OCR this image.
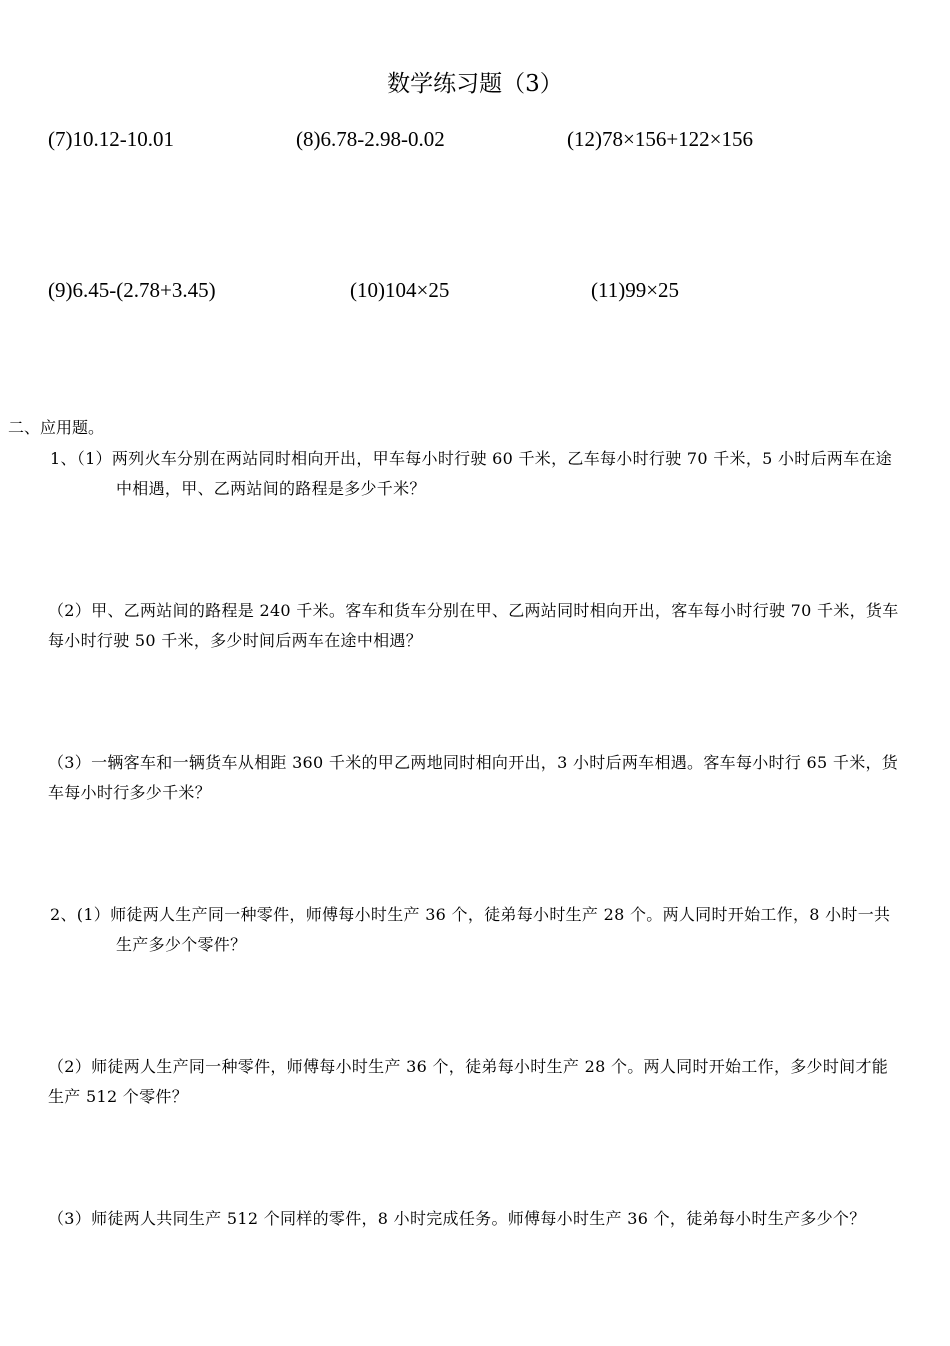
数学练习题（3）
(7)10.12-10.01	(8)6.78-2.98-0.02	(12)78×156+122×156
(9)6.45-(2.78+3.45)	(10)104×25	(11)99×25
二、应用题。
1、（1）两列火车分别在两站同时相向开出，甲车每小时行驶 60 千米，乙车每小时行驶 70 千米，5 小时后两车在途中相遇，甲、乙两站间的路程是多少千米？
（2）甲、乙两站间的路程是 240 千米。客车和货车分别在甲、乙两站同时相向开出，客车每小时行驶 70 千米，货车每小时行驶 50 千米，多少时间后两车在途中相遇？
（3）一辆客车和一辆货车从相距 360 千米的甲乙两地同时相向开出，3 小时后两车相遇。客车每小时行 65 千米，货车每小时行多少千米？
2、(1）师徒两人生产同一种零件，师傅每小时生产 36 个，徒弟每小时生产 28 个。两人同时开始工作，8 小时一共生产多少个零件？
（2）师徒两人生产同一种零件，师傅每小时生产 36 个，徒弟每小时生产 28 个。两人同时开始工作，多少时间才能生产 512 个零件？
（3）师徒两人共同生产 512 个同样的零件，8 小时完成任务。师傅每小时生产 36 个，徒弟每小时生产多少个？
